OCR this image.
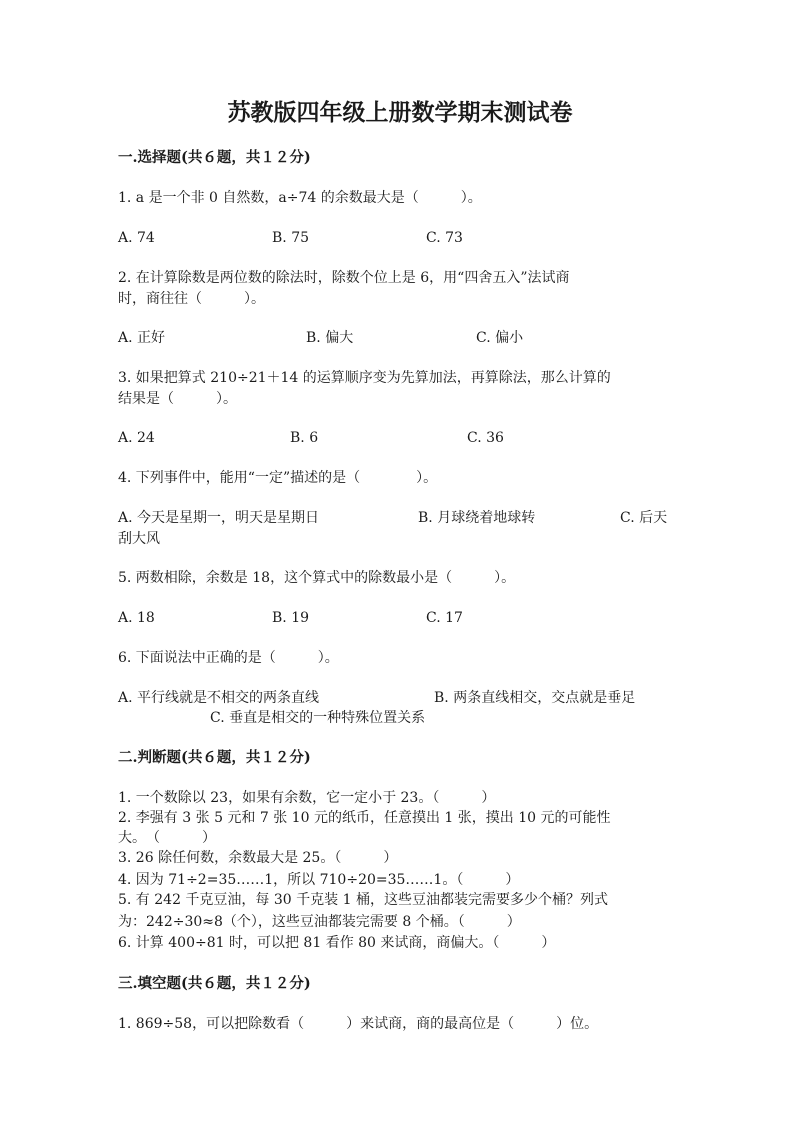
苏教版四年级上册数学期末测试卷
一.选择题(共６题，共１２分)
1. a 是一个非 0 自然数，a÷74 的余数最大是（　　　）。
A. 74	B. 75	C. 73
2. 在计算除数是两位数的除法时，除数个位上是 6，用“四舍五入”法试商
时，商往往（　　　）。
A. 正好	B. 偏大	C. 偏小
3. 如果把算式 210÷21＋14 的运算顺序变为先算加法，再算除法，那么计算的
结果是（　　　）。
A. 24	B. 6	C. 36
4. 下列事件中，能用“一定”描述的是（　　　　）。
A. 今天是星期一，明天是星期日	B. 月球绕着地球转	C. 后天
刮大风
5. 两数相除，余数是 18，这个算式中的除数最小是（　　　）。
A. 18	B. 19	C. 17
6. 下面说法中正确的是（　　　）。
A. 平行线就是不相交的两条直线	B. 两条直线相交，交点就是垂足
C. 垂直是相交的一种特殊位置关系
二.判断题(共６题，共１２分)
1. 一个数除以 23，如果有余数，它一定小于 23。（　　　）
2. 李强有 3 张 5 元和 7 张 10 元的纸币，任意摸出 1 张，摸出 10 元的可能性
大。　（　　　）
3. 26 除任何数，余数最大是 25。（　　　）
4. 因为 71÷2=35……1，所以 710÷20=35……1。（　　　）
5. 有 242 千克豆油，每 30 千克装 1 桶，这些豆油都装完需要多少个桶？列式
为：242÷30≈8（个），这些豆油都装完需要 8 个桶。（　　　）
6. 计算 400÷81 时，可以把 81 看作 80 来试商，商偏大。（　　　）
三.填空题(共６题，共１２分)
1. 869÷58，可以把除数看（　　　）来试商，商的最高位是（　　　）位。
